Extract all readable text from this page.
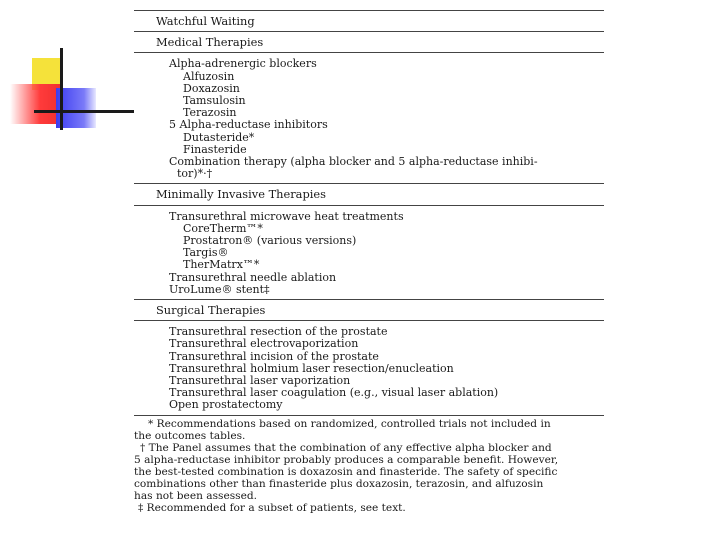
Watchful Waiting
Medical Therapies
Alpha-adrenergic blockers
Alfuzosin
Doxazosin
Tamsulosin
Terazosin
5 Alpha-reductase inhibitors
Dutasteride*
Finasteride
Combination therapy (alpha blocker and 5 alpha-reductase inhibi-
tor)*·†
Minimally Invasive Therapies
Transurethral microwave heat treatments
CoreTherm™*
Prostatron® (various versions)
Targis®
TherMatrx™*
Transurethral needle ablation
UroLume® stent‡
Surgical Therapies
Transurethral resection of the prostate
Transurethral electrovaporization
Transurethral incision of the prostate
Transurethral holmium laser resection/enucleation
Transurethral laser vaporization
Transurethral laser coagulation (e.g., visual laser ablation)
Open prostatectomy
* Recommendations based on randomized, controlled trials not included in
the outcomes tables.
† The Panel assumes that the combination of any effective alpha blocker and
5 alpha-reductase inhibitor probably produces a comparable benefit. However,
the best-tested combination is doxazosin and finasteride. The safety of specific
combinations other than finasteride plus doxazosin, terazosin, and alfuzosin
has not been assessed.
‡ Recommended for a subset of patients, see text.
